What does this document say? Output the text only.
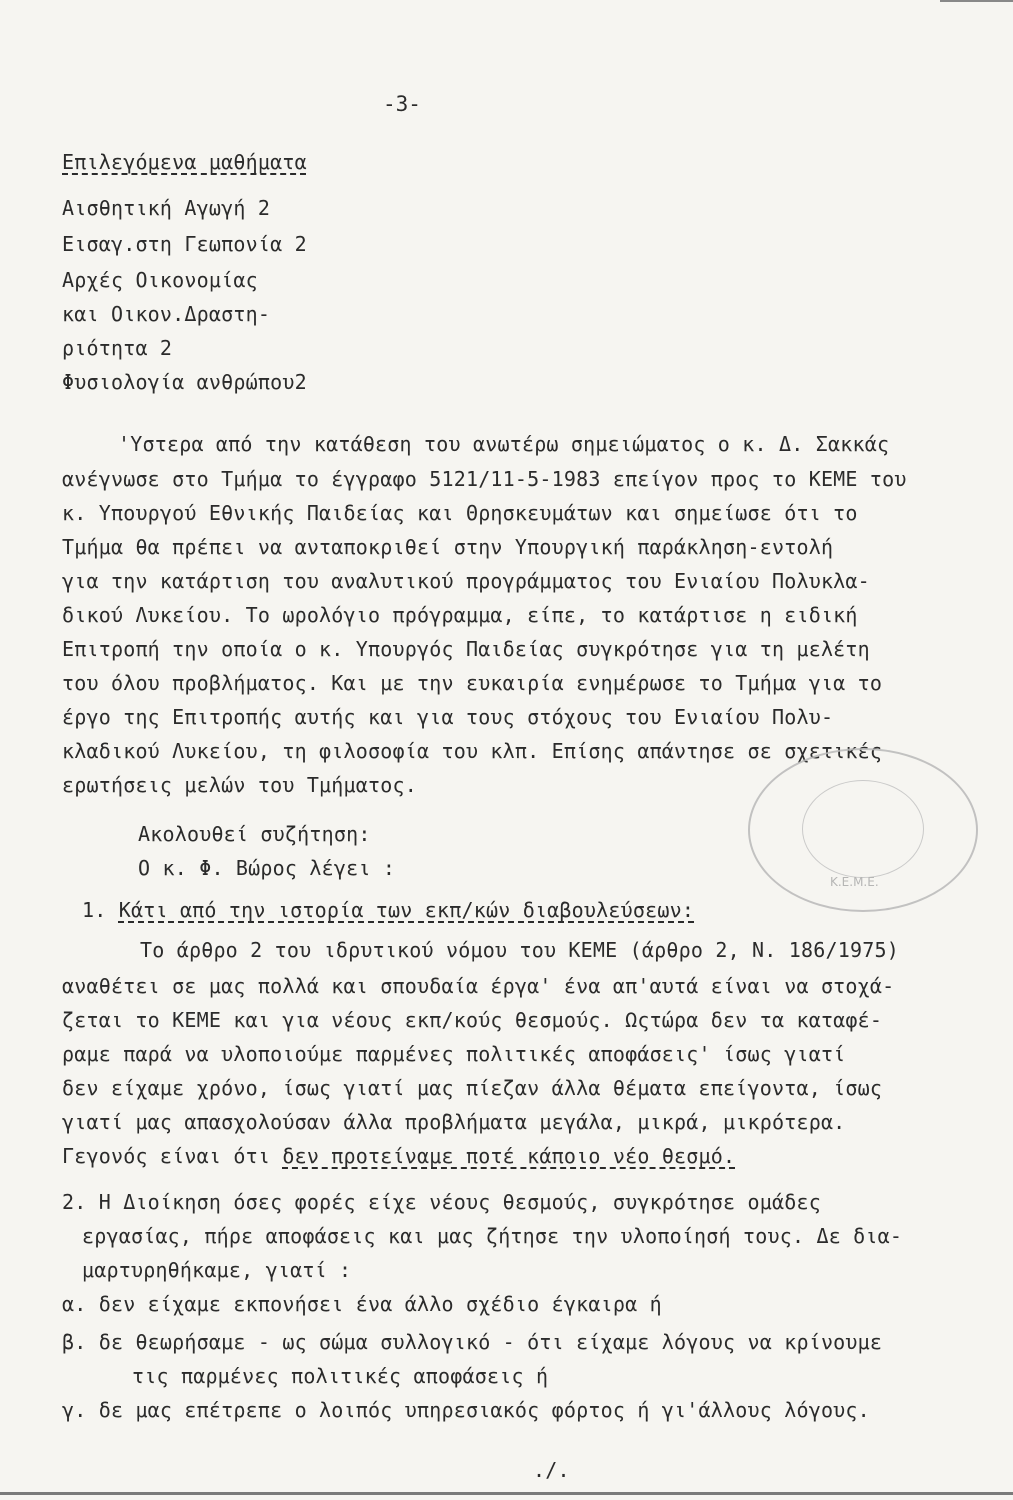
-3-
Επιλεγόμενα μαθήματα
Αισθητική Αγωγή 2
Εισαγ.στη Γεωπονία 2
Αρχές Οικονομίας
και Οικον.Δραστη-
ριότητα 2
Φυσιολογία ανθρώπου2
'Υστερα από την κατάθεση του ανωτέρω σημειώματος ο κ. Δ. Σακκάς
ανέγνωσε στο Τμήμα το έγγραφο 5121/11-5-1983 επείγον προς το ΚΕΜΕ του
κ. Υπουργού Εθνικής Παιδείας και Θρησκευμάτων και σημείωσε ότι το
Τμήμα θα πρέπει να ανταποκριθεί στην Υπουργική παράκληση-εντολή
για την κατάρτιση του αναλυτικού προγράμματος του Ενιαίου Πολυκλα-
δικού Λυκείου. Το ωρολόγιο πρόγραμμα, είπε, το κατάρτισε η ειδική
Επιτροπή την οποία ο κ. Υπουργός Παιδείας συγκρότησε για τη μελέτη
του όλου προβλήματος. Και με την ευκαιρία ενημέρωσε το Τμήμα για το
έργο της Επιτροπής αυτής και για τους στόχους του Ενιαίου Πολυ-
κλαδικού Λυκείου, τη φιλοσοφία του κλπ. Επίσης απάντησε σε σχετικές
ερωτήσεις μελών του Τμήματος.
Ακολουθεί συζήτηση:
Ο κ. Φ. Βώρος λέγει :
1. Κάτι από την ιστορία των εκπ/κών διαβουλεύσεων:
Το άρθρο 2 του ιδρυτικού νόμου του ΚΕΜΕ (άρθρο 2, Ν. 186/1975)
αναθέτει σε μας πολλά και σπουδαία έργα' ένα απ'αυτά είναι να στοχά-
ζεται το ΚΕΜΕ και για νέους εκπ/κούς θεσμούς. Ωςτώρα δεν τα καταφέ-
ραμε παρά να υλοποιούμε παρμένες πολιτικές αποφάσεις' ίσως γιατί
δεν είχαμε χρόνο, ίσως γιατί μας πίεζαν άλλα θέματα επείγοντα, ίσως
γιατί μας απασχολούσαν άλλα προβλήματα μεγάλα, μικρά, μικρότερα.
Γεγονός είναι ότι δεν προτείναμε ποτέ κάποιο νέο θεσμό.
2. Η Διοίκηση όσες φορές είχε νέους θεσμούς, συγκρότησε ομάδες
εργασίας, πήρε αποφάσεις και μας ζήτησε την υλοποίησή τους. Δε δια-
μαρτυρηθήκαμε, γιατί :
α. δεν είχαμε εκπονήσει ένα άλλο σχέδιο έγκαιρα ή
β. δε θεωρήσαμε - ως σώμα συλλογικό - ότι είχαμε λόγους να κρίνουμε
τις παρμένες πολιτικές αποφάσεις ή
γ. δε μας επέτρεπε ο λοιπός υπηρεσιακός φόρτος ή γι'άλλους λόγους.
./.
Κ.Ε.Μ.Ε.
